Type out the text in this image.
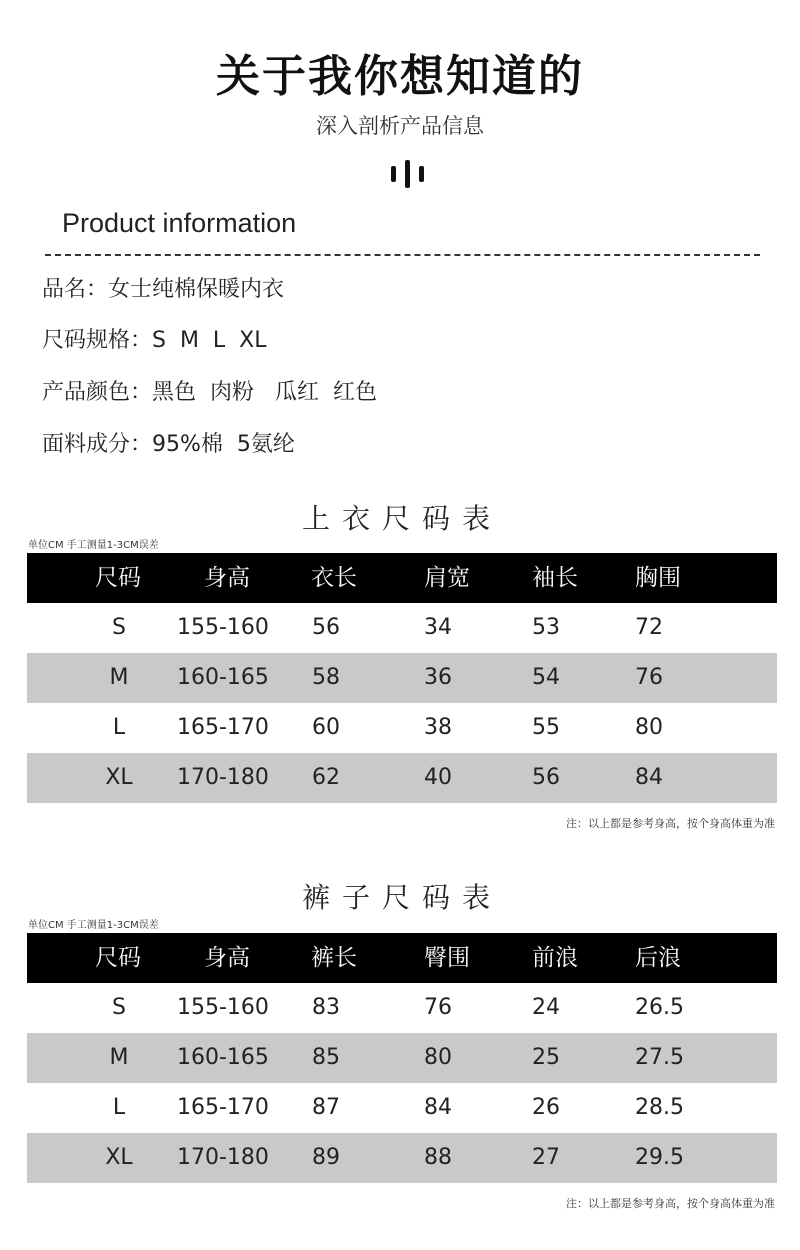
关于我你想知道的
深入剖析产品信息
Product information
品名：女士纯棉保暖内衣
尺码规格：S  M  L  XL
产品颜色：黑色  肉粉   瓜红  红色
面料成分：95%棉  5氨纶
上衣尺码表
单位CM 手工测量1-3CM误差
尺码	身高	衣长	肩宽	袖长 胸围
S	155-160 56	34	53	72
M	160-165 58	36	54	76
L	165-170 60	38	55	80
XL	170-180 62	40	56	84
注：以上都是参考身高，按个身高体重为准
裤子尺码表
单位CM 手工测量1-3CM误差
尺码	身高	裤长	臀围	前浪 后浪
S	155-160 83	76	24	26.5
M	160-165 85	80	25	27.5
L	165-170 87	84	26	28.5
XL	170-180 89	88	27	29.5
注：以上都是参考身高，按个身高体重为准
